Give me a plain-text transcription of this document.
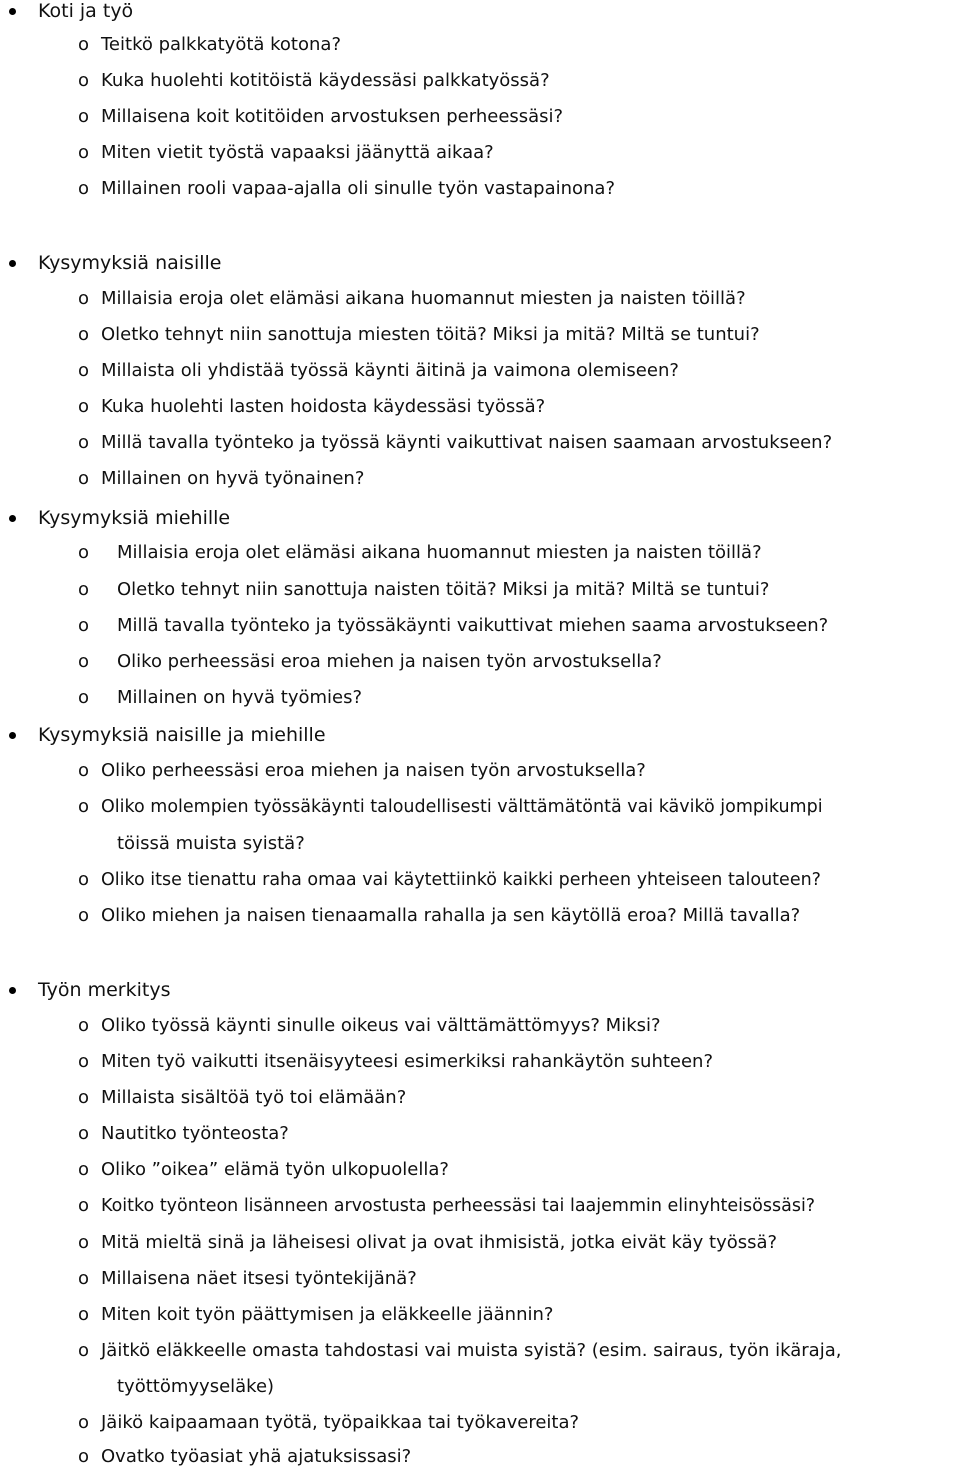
Koti ja työ
o Teitkö palkkatyötä kotona?
o Kuka huolehti kotitöistä käydessäsi palkkatyössä?
o Millaisena koit kotitöiden arvostuksen perheessäsi?
o Miten vietit työstä vapaaksi jäänyttä aikaa?
o Millainen rooli vapaa-ajalla oli sinulle työn vastapainona?
Kysymyksiä naisille
o Millaisia eroja olet elämäsi aikana huomannut miesten ja naisten töillä?
o Oletko tehnyt niin sanottuja miesten töitä? Miksi ja mitä? Miltä se tuntui?
o Millaista oli yhdistää työssä käynti äitinä ja vaimona olemiseen?
o Kuka huolehti lasten hoidosta käydessäsi työssä?
o Millä tavalla työnteko ja työssä käynti vaikuttivat naisen saamaan arvostukseen?
o Millainen on hyvä työnainen?
Kysymyksiä miehille
o Millaisia eroja olet elämäsi aikana huomannut miesten ja naisten töillä?
o Oletko tehnyt niin sanottuja naisten töitä? Miksi ja mitä? Miltä se tuntui?
o Millä tavalla työnteko ja työssäkäynti vaikuttivat miehen saama arvostukseen?
o Oliko perheessäsi eroa miehen ja naisen työn arvostuksella?
o Millainen on hyvä työmies?
Kysymyksiä naisille ja miehille
o Oliko perheessäsi eroa miehen ja naisen työn arvostuksella?
o Oliko molempien työssäkäynti taloudellisesti välttämätöntä vai kävikö jompikumpi
töissä muista syistä?
o Oliko itse tienattu raha omaa vai käytettiinkö kaikki perheen yhteiseen talouteen?
o Oliko miehen ja naisen tienaamalla rahalla ja sen käytöllä eroa? Millä tavalla?
Työn merkitys
o Oliko työssä käynti sinulle oikeus vai välttämättömyys? Miksi?
o Miten työ vaikutti itsenäisyyteesi esimerkiksi rahankäytön suhteen?
o Millaista sisältöä työ toi elämään?
o Nautitko työnteosta?
o Oliko ”oikea” elämä työn ulkopuolella?
o Koitko työnteon lisänneen arvostusta perheessäsi tai laajemmin elinyhteisössäsi?
o Mitä mieltä sinä ja läheisesi olivat ja ovat ihmisistä, jotka eivät käy työssä?
o Millaisena näet itsesi työntekijänä?
o Miten koit työn päättymisen ja eläkkeelle jäännin?
o Jäitkö eläkkeelle omasta tahdostasi vai muista syistä? (esim. sairaus, työn ikäraja,
työttömyyseläke)
o Jäikö kaipaamaan työtä, työpaikkaa tai työkavereita?
o Ovatko työasiat yhä ajatuksissasi?
